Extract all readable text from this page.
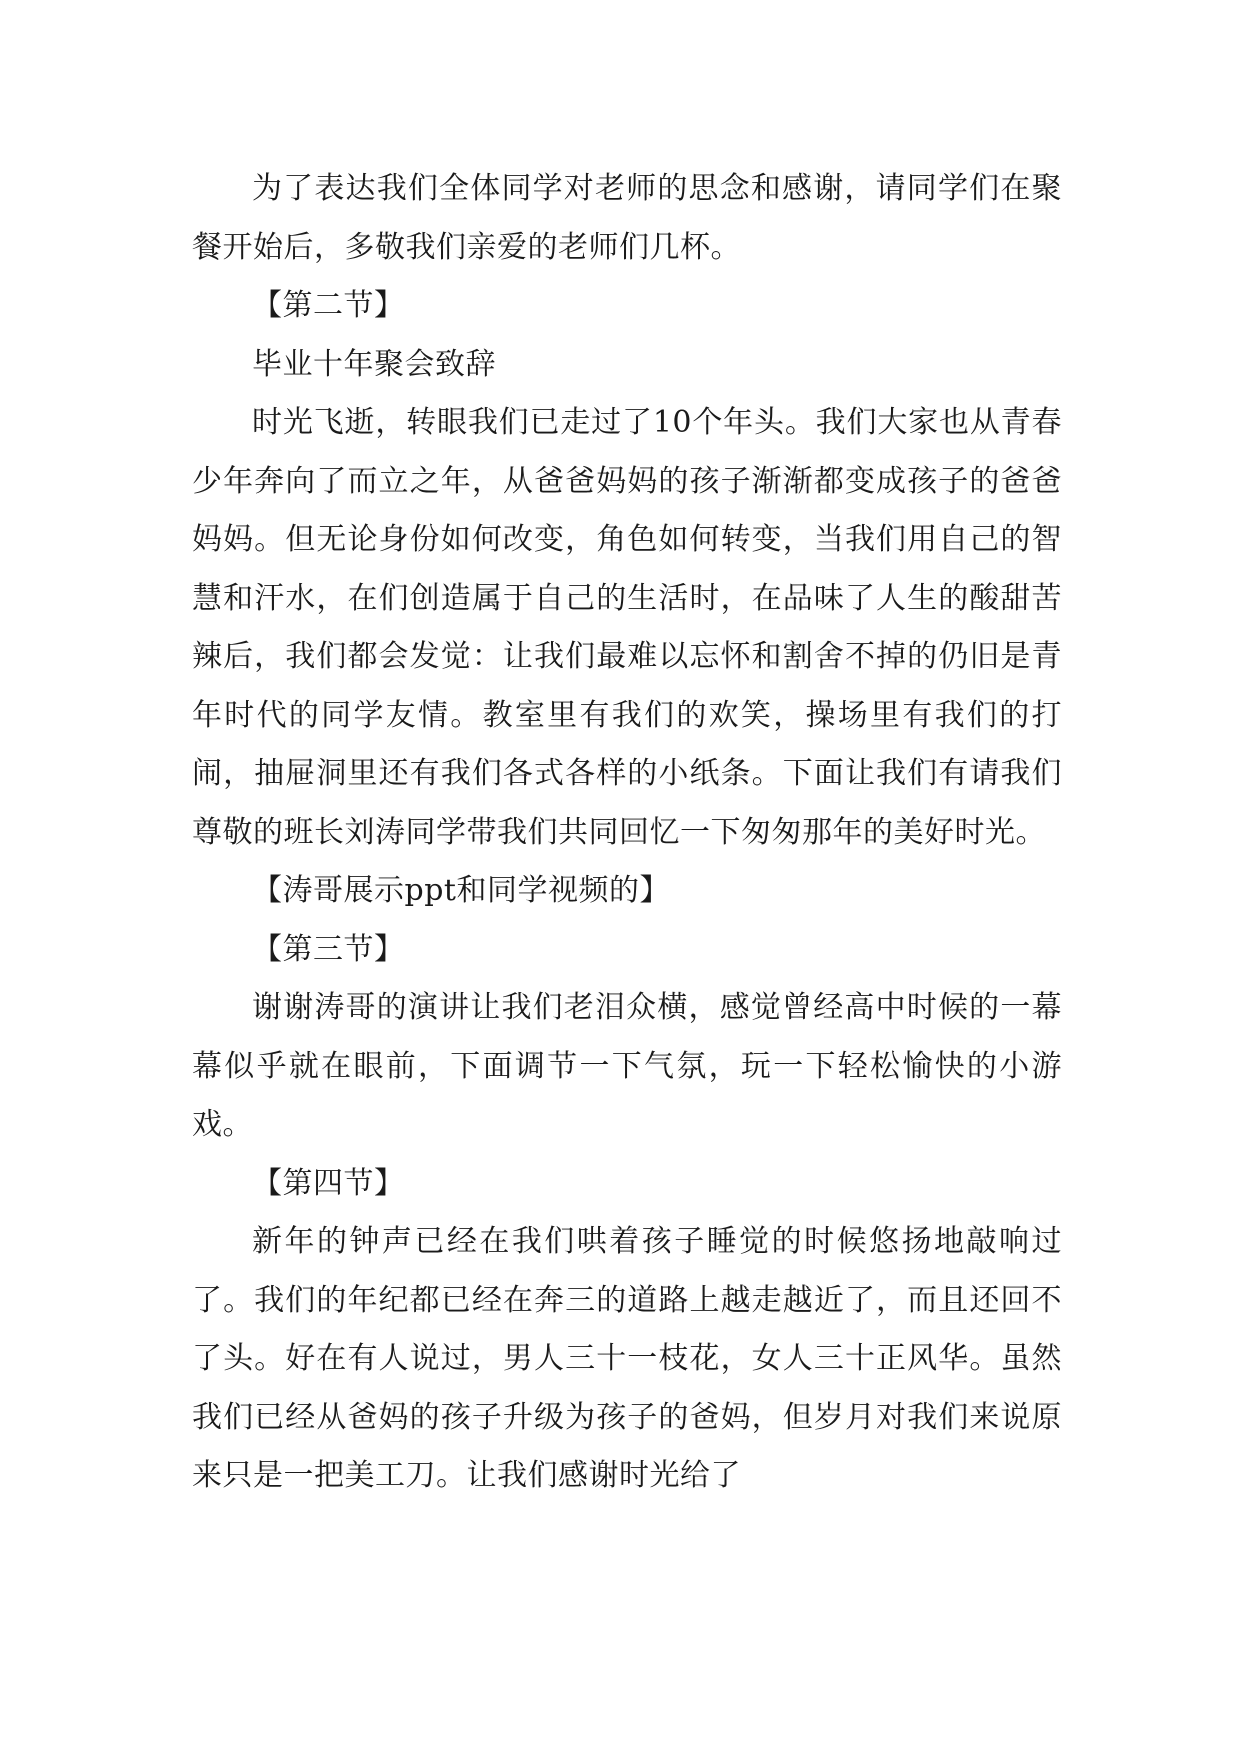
为了表达我们全体同学对老师的思念和感谢，请同学们在聚餐开始后，多敬我们亲爱的老师们几杯。

【第二节】

毕业十年聚会致辞

时光飞逝，转眼我们已走过了10个年头。我们大家也从青春少年奔向了而立之年，从爸爸妈妈的孩子渐渐都变成孩子的爸爸妈妈。但无论身份如何改变，角色如何转变，当我们用自己的智慧和汗水，在们创造属于自己的生活时，在品味了人生的酸甜苦辣后，我们都会发觉：让我们最难以忘怀和割舍不掉的仍旧是青年时代的同学友情。教室里有我们的欢笑，操场里有我们的打闹，抽屉洞里还有我们各式各样的小纸条。下面让我们有请我们尊敬的班长刘涛同学带我们共同回忆一下匆匆那年的美好时光。

【涛哥展示ppt和同学视频的】

【第三节】

谢谢涛哥的演讲让我们老泪众横，感觉曾经高中时候的一幕幕似乎就在眼前，下面调节一下气氛，玩一下轻松愉快的小游戏。

【第四节】

新年的钟声已经在我们哄着孩子睡觉的时候悠扬地敲响过了。我们的年纪都已经在奔三的道路上越走越近了，而且还回不了头。好在有人说过，男人三十一枝花，女人三十正风华。虽然我们已经从爸妈的孩子升级为孩子的爸妈，但岁月对我们来说原来只是一把美工刀。让我们感谢时光给了
